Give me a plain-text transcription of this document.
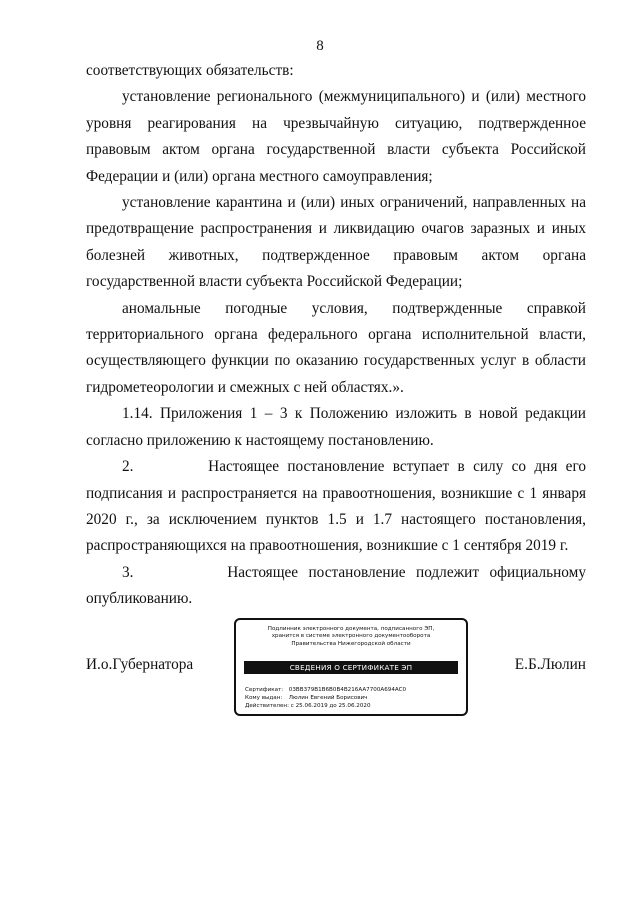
8

соответствующих обязательств:

установление регионального (межмуниципального) и (или) местного уровня реагирования на чрезвычайную ситуацию, подтвержденное правовым актом органа государственной власти субъекта Российской Федерации и (или) органа местного самоуправления;

установление карантина и (или) иных ограничений, направленных на предотвращение распространения и ликвидацию очагов заразных и иных болезней животных, подтвержденное правовым актом органа государственной власти субъекта Российской Федерации;

аномальные погодные условия, подтвержденные справкой территориального органа федерального органа исполнительной власти, осуществляющего функции по оказанию государственных услуг в области гидрометеорологии и смежных с ней областях.».

1.14. Приложения 1 – 3 к Положению изложить в новой редакции согласно приложению к настоящему постановлению.

2.         Настоящее постановление вступает в силу со дня его подписания и распространяется на правоотношения, возникшие с 1 января 2020 г., за исключением пунктов 1.5 и 1.7 настоящего постановления, распространяющихся на правоотношения, возникшие с 1 сентября 2019 г.

3.         Настоящее постановление подлежит официальному опубликованию.

И.о.Губернатора
Подлинник электронного документа, подписанного ЭП,
хранится в системе электронного документооборота
Правительства Нижегородской области
СВЕДЕНИЯ О СЕРТИФИКАТЕ ЭП
Сертификат: 03BB379B1B6B0B4B216AA7700A694AC0
Кому выдан: Люлин Евгений Борисович
Действителен: с 25.06.2019 до 25.06.2020
Е.Б.Люлин
